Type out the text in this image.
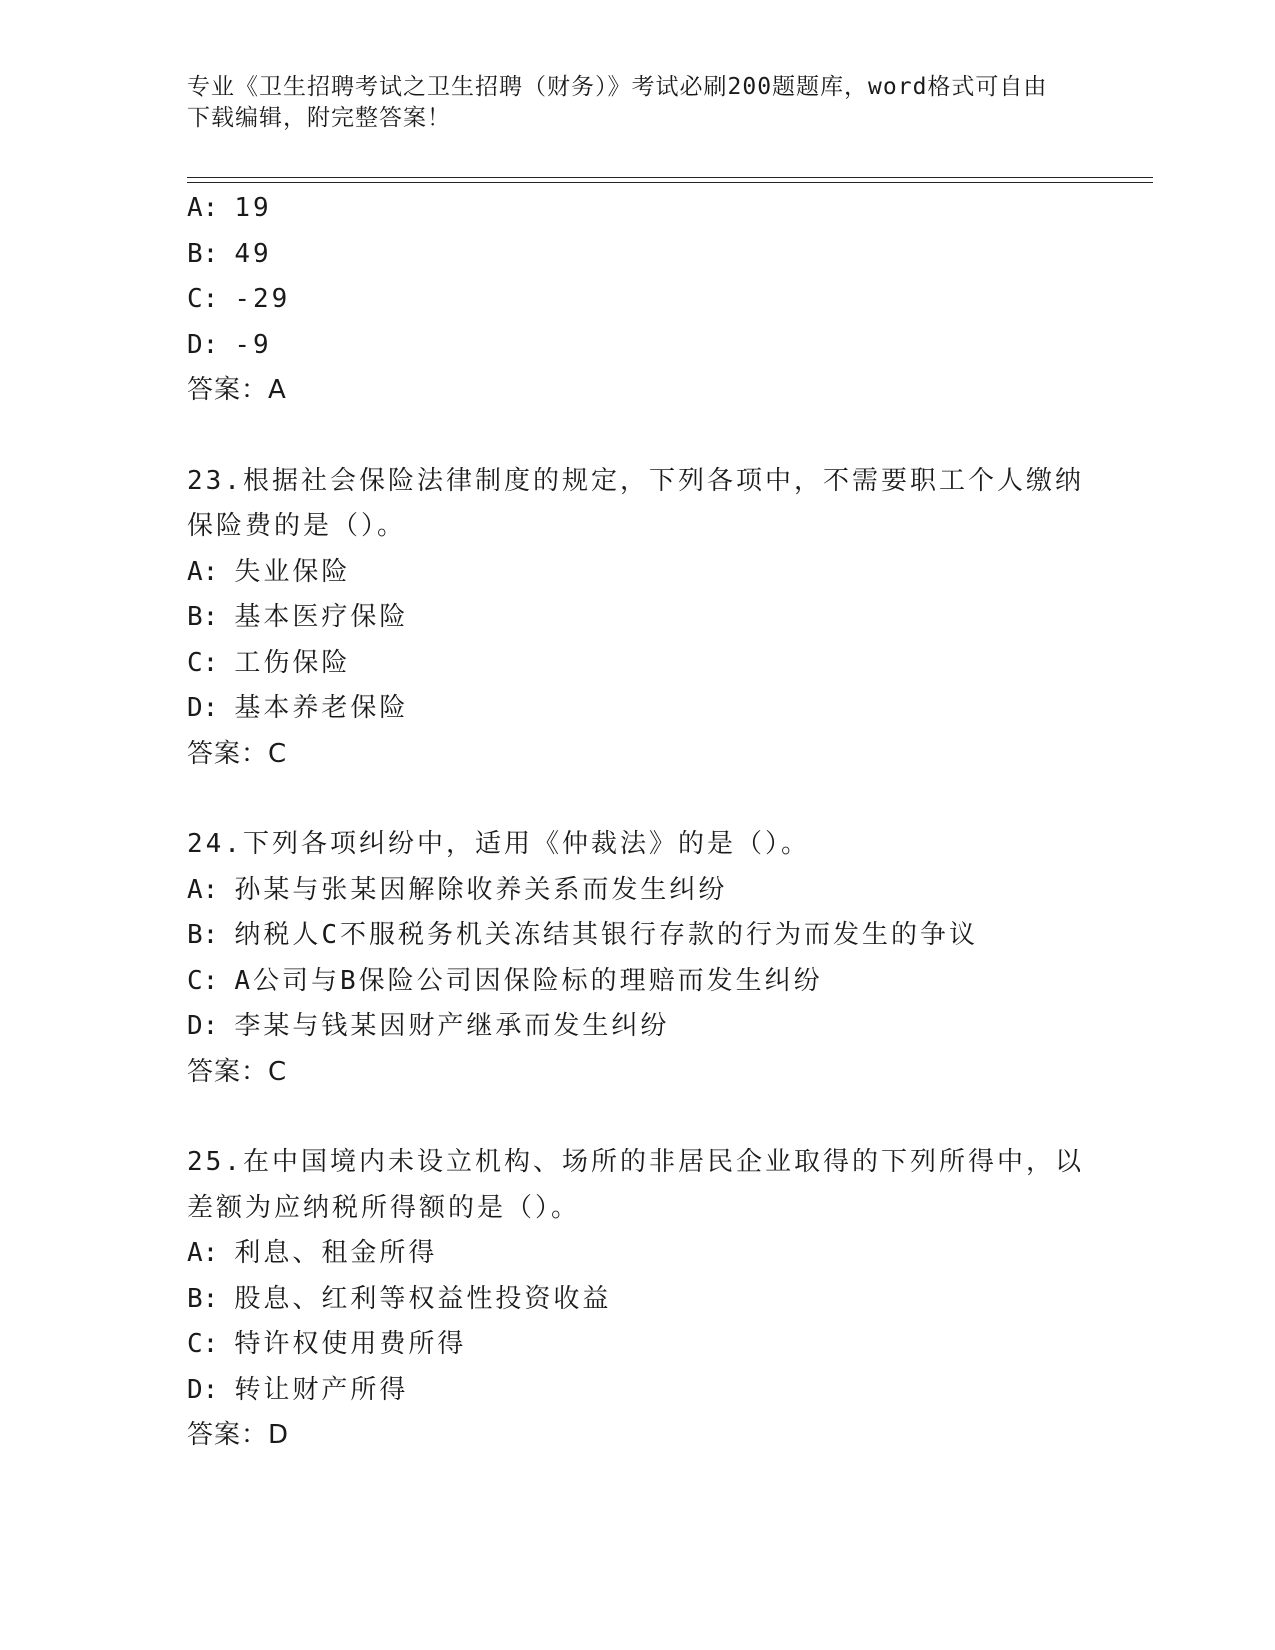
专业《卫生招聘考试之卫生招聘（财务）》考试必刷200题题库，word格式可自由下载编辑，附完整答案！
A: 19
B: 49
C: -29
D: -9
答案：A
23.根据社会保险法律制度的规定，下列各项中，不需要职工个人缴纳
保险费的是（）。
A: 失业保险
B: 基本医疗保险
C: 工伤保险
D: 基本养老保险
答案：C
24.下列各项纠纷中，适用《仲裁法》的是（）。
A: 孙某与张某因解除收养关系而发生纠纷
B: 纳税人C不服税务机关冻结其银行存款的行为而发生的争议
C: A公司与B保险公司因保险标的理赔而发生纠纷
D: 李某与钱某因财产继承而发生纠纷
答案：C
25.在中国境内未设立机构、场所的非居民企业取得的下列所得中，以
差额为应纳税所得额的是（）。
A: 利息、租金所得
B: 股息、红利等权益性投资收益
C: 特许权使用费所得
D: 转让财产所得
答案：D
